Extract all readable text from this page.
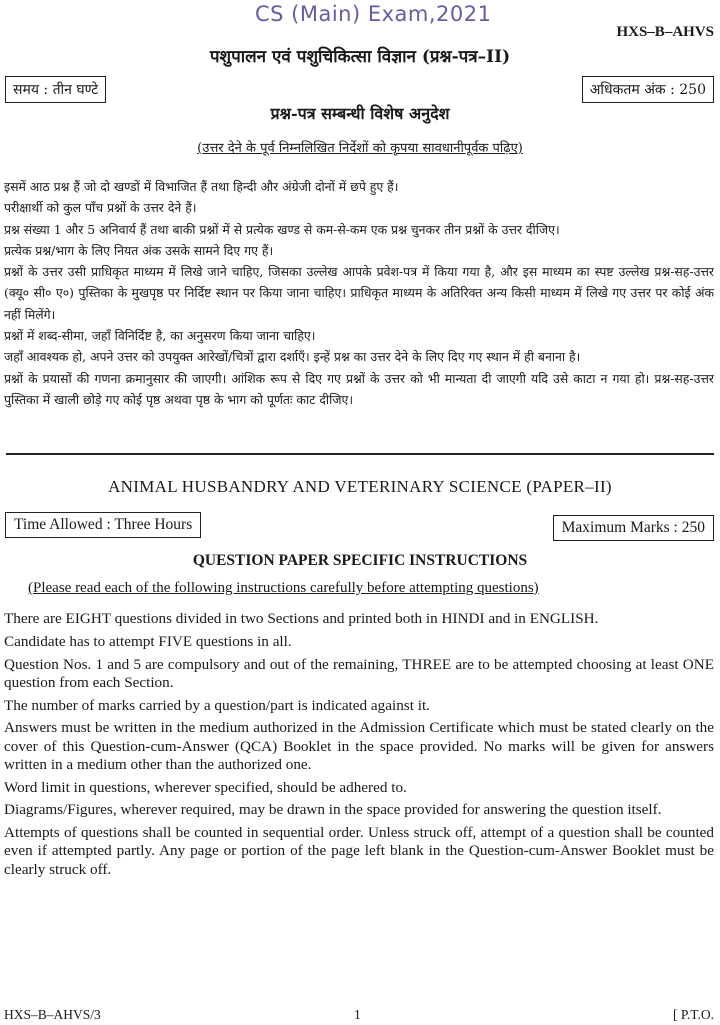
CS (Main) Exam,2021
HXS–B–AHVS
पशुपालन एवं पशुचिकित्सा विज्ञान (प्रश्न-पत्र–II)
समय : तीन घण्टे	अधिकतम अंक : 250
प्रश्न-पत्र सम्बन्धी विशेष अनुदेश
(उत्तर देने के पूर्व निम्नलिखित निर्देशों को कृपया सावधानीपूर्वक पढ़िए)

इसमें आठ प्रश्न हैं जो दो खण्डों में विभाजित हैं तथा हिन्दी और अंग्रेजी दोनों में छपे हुए हैं।

परीक्षार्थी को कुल पाँच प्रश्नों के उत्तर देने हैं।

प्रश्न संख्या 1 और 5 अनिवार्य हैं तथा बाकी प्रश्नों में से प्रत्येक खण्ड से कम-से-कम एक प्रश्न चुनकर तीन प्रश्नों के उत्तर दीजिए।

प्रत्येक प्रश्न/भाग के लिए नियत अंक उसके सामने दिए गए हैं।

प्रश्नों के उत्तर उसी प्राधिकृत माध्यम में लिखे जाने चाहिए, जिसका उल्लेख आपके प्रवेश-पत्र में किया गया है, और इस माध्यम का स्पष्ट उल्लेख प्रश्न-सह-उत्तर (क्यू० सी० ए०) पुस्तिका के मुखपृष्ठ पर निर्दिष्ट स्थान पर किया जाना चाहिए। प्राधिकृत माध्यम के अतिरिक्त अन्य किसी माध्यम में लिखे गए उत्तर पर कोई अंक नहीं मिलेंगे।

प्रश्नों में शब्द-सीमा, जहाँ विनिर्दिष्ट है, का अनुसरण किया जाना चाहिए।

जहाँ आवश्यक हो, अपने उत्तर को उपयुक्त आरेखों/चित्रों द्वारा दर्शाएँ। इन्हें प्रश्न का उत्तर देने के लिए दिए गए स्थान में ही बनाना है।

प्रश्नों के प्रयासों की गणना क्रमानुसार की जाएगी। आंशिक रूप से दिए गए प्रश्नों के उत्तर को भी मान्यता दी जाएगी यदि उसे काटा न गया हो। प्रश्न-सह-उत्तर पुस्तिका में खाली छोड़े गए कोई पृष्ठ अथवा पृष्ठ के भाग को पूर्णतः काट दीजिए।

ANIMAL HUSBANDRY AND VETERINARY SCIENCE (PAPER–II)
Time Allowed : Three Hours	Maximum Marks : 250
QUESTION PAPER SPECIFIC INSTRUCTIONS
(Please read each of the following instructions carefully before attempting questions)

There are EIGHT questions divided in two Sections and printed both in HINDI and in ENGLISH.

Candidate has to attempt FIVE questions in all.

Question Nos. 1 and 5 are compulsory and out of the remaining, THREE are to be attempted choosing at least ONE question from each Section.

The number of marks carried by a question/part is indicated against it.

Answers must be written in the medium authorized in the Admission Certificate which must be stated clearly on the cover of this Question-cum-Answer (QCA) Booklet in the space provided. No marks will be given for answers written in a medium other than the authorized one.

Word limit in questions, wherever specified, should be adhered to.

Diagrams/Figures, wherever required, may be drawn in the space provided for answering the question itself.

Attempts of questions shall be counted in sequential order. Unless struck off, attempt of a question shall be counted even if attempted partly. Any page or portion of the page left blank in the Question-cum-Answer Booklet must be clearly struck off.

HXS–B–AHVS/3	1	[ P.T.O.
